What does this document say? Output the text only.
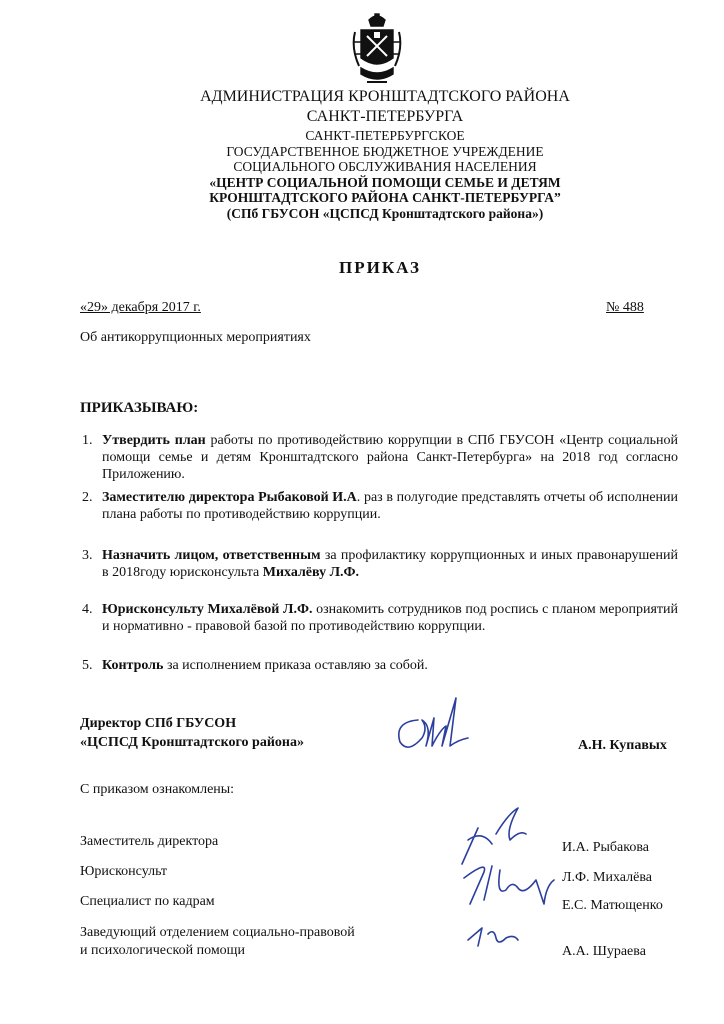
АДМИНИСТРАЦИЯ КРОНШТАДТСКОГО РАЙОНА
САНКТ-ПЕТЕРБУРГА
САНКТ-ПЕТЕРБУРГСКОЕ
ГОСУДАРСТВЕННОЕ БЮДЖЕТНОЕ УЧРЕЖДЕНИЕ
СОЦИАЛЬНОГО ОБСЛУЖИВАНИЯ НАСЕЛЕНИЯ
«ЦЕНТР СОЦИАЛЬНОЙ ПОМОЩИ СЕМЬЕ И ДЕТЯМ
КРОНШТАДТСКОГО РАЙОНА САНКТ-ПЕТЕРБУРГА”
(СПб ГБУСОН «ЦСПСД Кронштадтского района»)
ПРИКАЗ
«29» декабря 2017 г.	№ 488
Об антикоррупционных мероприятиях
ПРИКАЗЫВАЮ:
1. Утвердить план работы по противодействию коррупции в СПб ГБУСОН «Центр социальной помощи семье и детям Кронштадтского района Санкт-Петербурга» на 2018 год согласно Приложению.
2. Заместителю директора Рыбаковой И.А. раз в полугодие представлять отчеты об исполнении плана работы по противодействию коррупции.
3. Назначить лицом, ответственным за профилактику коррупционных и иных правонарушений в 2018году юрисконсульта Михалёву Л.Ф.
4. Юрисконсульту Михалёвой Л.Ф. ознакомить сотрудников под роспись с планом мероприятий и нормативно - правовой базой по противодействию коррупции.
5. Контроль за исполнением приказа оставляю за собой.
Директор СПб ГБУСОН
«ЦСПСД Кронштадтского района»	А.Н. Купавых
С приказом ознакомлены:
Заместитель директора
Юрисконсульт
Специалист по кадрам
Заведующий отделением социально-правовой
и психологической помощи
И.А. Рыбакова
Л.Ф. Михалёва
Е.С. Матющенко
А.А. Шураева
